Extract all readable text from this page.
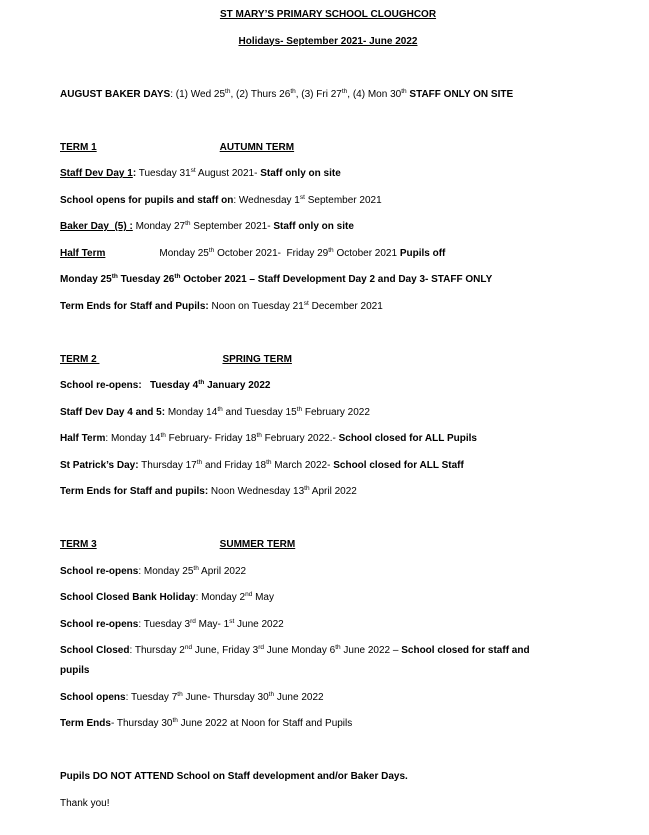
ST MARY’S PRIMARY SCHOOL CLOUGHCOR

Holidays- September 2021- June 2022

AUGUST BAKER DAYS: (1) Wed 25th, (2) Thurs 26th, (3) Fri 27th, (4) Mon 30th STAFF ONLY ON SITE

TERM 1	AUTUMN TERM

Staff Dev Day 1: Tuesday 31st August 2021- Staff only on site

School opens for pupils and staff on: Wednesday 1st September 2021

Baker Day  (5) : Monday 27th September 2021- Staff only on site

Half Term	Monday 25th October 2021-  Friday 29th October 2021 Pupils off

Monday 25th Tuesday 26th October 2021 – Staff Development Day 2 and Day 3- STAFF ONLY

Term Ends for Staff and Pupils: Noon on Tuesday 21st December 2021

TERM 2	SPRING TERM

School re-opens:   Tuesday 4th January 2022

Staff Dev Day 4 and 5: Monday 14th and Tuesday 15th February 2022

Half Term: Monday 14th February- Friday 18th February 2022.- School closed for ALL Pupils

St Patrick’s Day: Thursday 17th and Friday 18th March 2022- School closed for ALL Staff

Term Ends for Staff and pupils: Noon Wednesday 13th April 2022

TERM 3	SUMMER TERM

School re-opens: Monday 25th April 2022

School Closed Bank Holiday: Monday 2nd May

School re-opens: Tuesday 3rd May- 1st June 2022

School Closed: Thursday 2nd June, Friday 3rd June Monday 6th June 2022 – School closed for staff and

pupils

School opens: Tuesday 7th June- Thursday 30th June 2022

Term Ends- Thursday 30th June 2022 at Noon for Staff and Pupils

Pupils DO NOT ATTEND School on Staff development and/or Baker Days.

Thank you!
